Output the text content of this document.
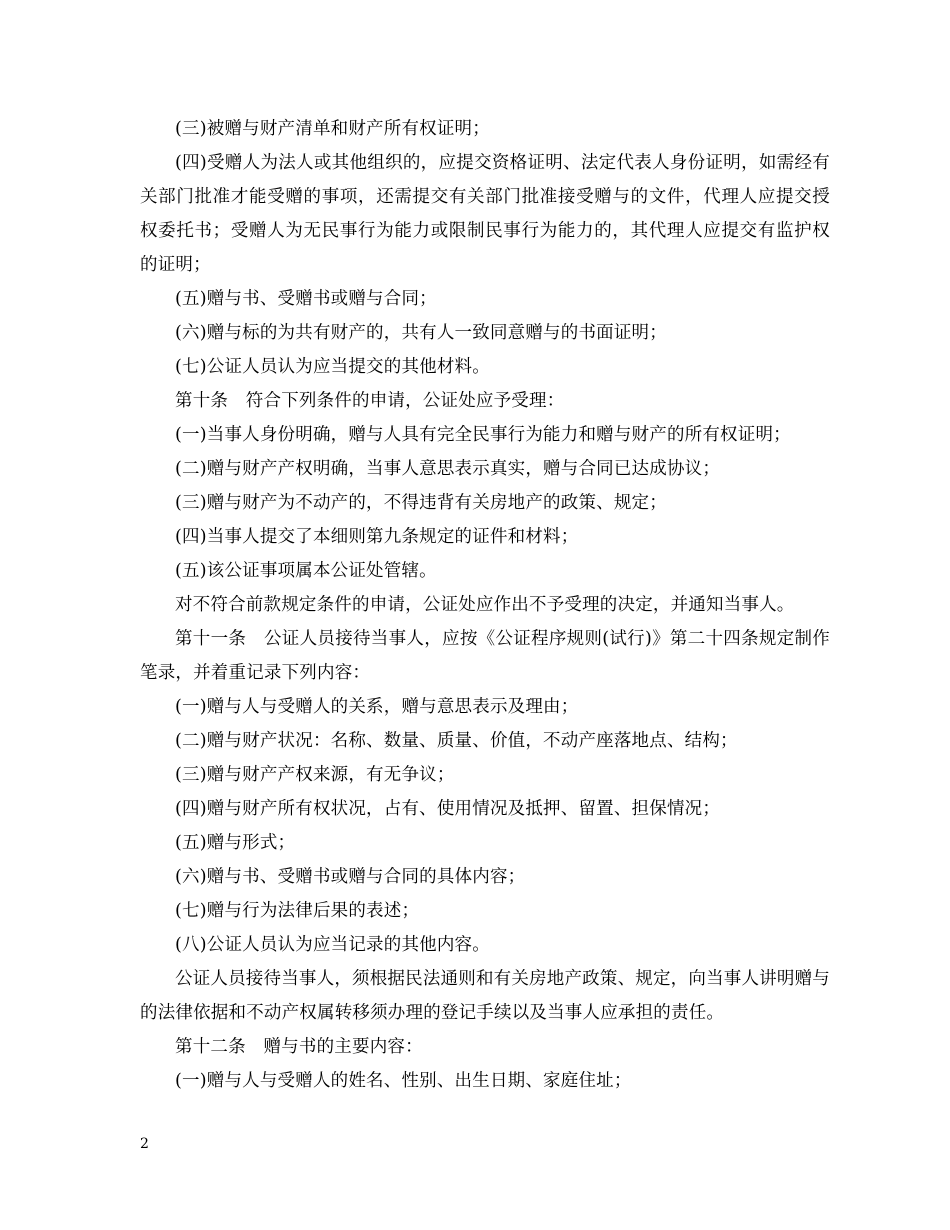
(三)被赠与财产清单和财产所有权证明；

(四)受赠人为法人或其他组织的，应提交资格证明、法定代表人身份证明，如需经有关部门批准才能受赠的事项，还需提交有关部门批准接受赠与的文件，代理人应提交授权委托书；受赠人为无民事行为能力或限制民事行为能力的，其代理人应提交有监护权的证明；

(五)赠与书、受赠书或赠与合同；

(六)赠与标的为共有财产的，共有人一致同意赠与的书面证明；

(七)公证人员认为应当提交的其他材料。

第十条　符合下列条件的申请，公证处应予受理：

(一)当事人身份明确，赠与人具有完全民事行为能力和赠与财产的所有权证明；

(二)赠与财产产权明确，当事人意思表示真实，赠与合同已达成协议；

(三)赠与财产为不动产的，不得违背有关房地产的政策、规定；

(四)当事人提交了本细则第九条规定的证件和材料；

(五)该公证事项属本公证处管辖。

对不符合前款规定条件的申请，公证处应作出不予受理的决定，并通知当事人。

第十一条　公证人员接待当事人，应按《公证程序规则(试行)》第二十四条规定制作笔录，并着重记录下列内容：

(一)赠与人与受赠人的关系，赠与意思表示及理由；

(二)赠与财产状况：名称、数量、质量、价值，不动产座落地点、结构；

(三)赠与财产产权来源，有无争议；

(四)赠与财产所有权状况，占有、使用情况及抵押、留置、担保情况；

(五)赠与形式；

(六)赠与书、受赠书或赠与合同的具体内容；

(七)赠与行为法律后果的表述；

(八)公证人员认为应当记录的其他内容。

公证人员接待当事人，须根据民法通则和有关房地产政策、规定，向当事人讲明赠与的法律依据和不动产权属转移须办理的登记手续以及当事人应承担的责任。

第十二条　赠与书的主要内容：

(一)赠与人与受赠人的姓名、性别、出生日期、家庭住址；

2
